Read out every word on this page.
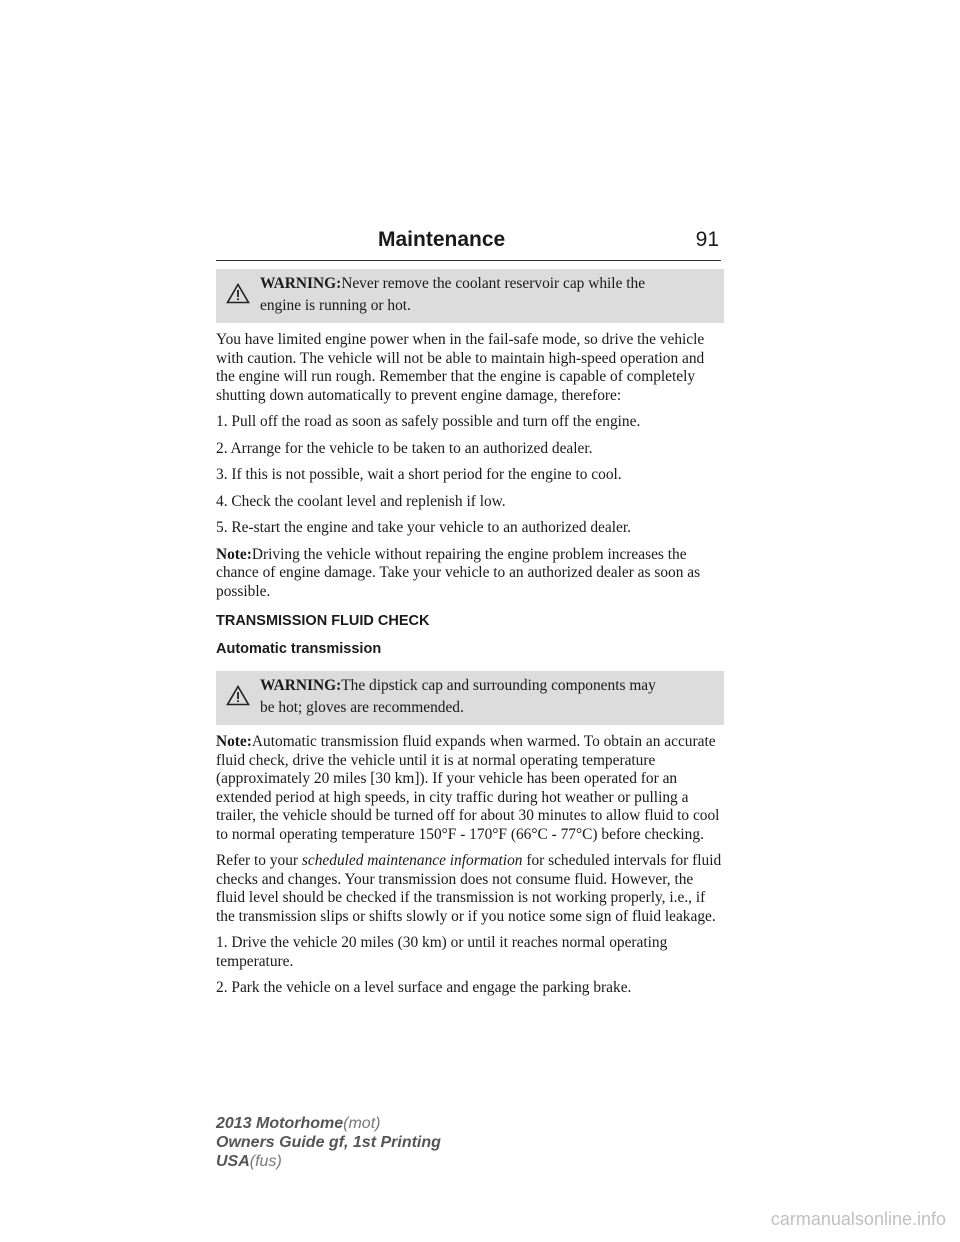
Maintenance	91
WARNING:Never remove the coolant reservoir cap while the
engine is running or hot.

You have limited engine power when in the fail-safe mode, so drive the vehicle with caution. The vehicle will not be able to maintain high-speed operation and the engine will run rough. Remember that the engine is capable of completely shutting down automatically to prevent engine damage, therefore:

1. Pull off the road as soon as safely possible and turn off the engine.

2. Arrange for the vehicle to be taken to an authorized dealer.

3. If this is not possible, wait a short period for the engine to cool.

4. Check the coolant level and replenish if low.

5. Re-start the engine and take your vehicle to an authorized dealer.

Note:Driving the vehicle without repairing the engine problem increases the chance of engine damage. Take your vehicle to an authorized dealer as soon as possible.

TRANSMISSION FLUID CHECK
Automatic transmission
WARNING:The dipstick cap and surrounding components may
be hot; gloves are recommended.

Note:Automatic transmission fluid expands when warmed. To obtain an accurate fluid check, drive the vehicle until it is at normal operating temperature (approximately 20 miles [30 km]). If your vehicle has been operated for an extended period at high speeds, in city traffic during hot weather or pulling a trailer, the vehicle should be turned off for about 30 minutes to allow fluid to cool to normal operating temperature 150°F - 170°F (66°C - 77°C) before checking.

Refer to your scheduled maintenance information for scheduled intervals for fluid checks and changes. Your transmission does not consume fluid. However, the fluid level should be checked if the transmission is not working properly, i.e., if the transmission slips or shifts slowly or if you notice some sign of fluid leakage.

1. Drive the vehicle 20 miles (30 km) or until it reaches normal operating temperature.

2. Park the vehicle on a level surface and engage the parking brake.

2013 Motorhome(mot)
Owners Guide gf, 1st Printing
USA(fus)
carmanualsonline.info
